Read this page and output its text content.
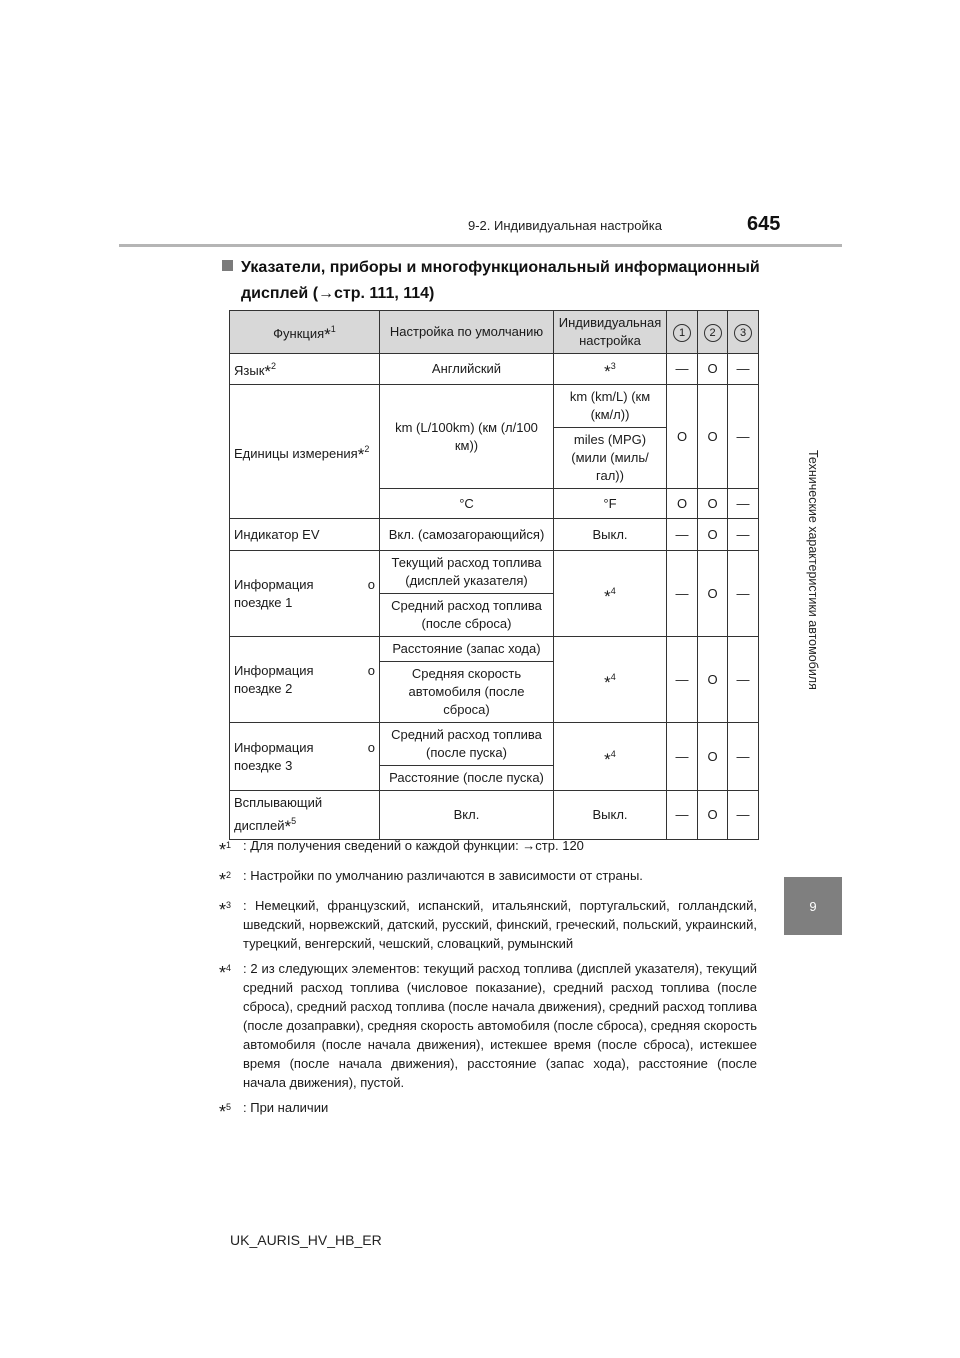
9-2. Индивидуальная настройка	645
Технические характеристики автомобиля
9
Указатели, приборы и многофункциональный информационный
дисплей (→стр. 111, 114)
Функция*$^1$	Настройка по умолчанию	Индивидуальная настройка	1	2	3
Язык*$^2$	Английский	*$^3$	—	O	—
Единицы измерения*$^2$	km (L/100km) (км (л/100 км))	km (km/L) (км (км/л))	O	O	—
		miles (MPG) (мили (миль/ гал))			
	°C	°F	O	O	—
Индикатор EV	Вкл. (самозагорающийся)	Выкл.	—	O	—

Информация о
поездке 1	Текущий расход топлива (дисплей указателя)	*$^4$	—	O	—
	Средний расход топлива (после сброса)				

Информация о
поездке 2	Расстояние (запас хода)	*$^4$	—	O	—
	Средняя скорость автомобиля (после сброса)				

Информация о
поездке 3	Средний расход топлива (после пуска)	*$^4$	—	O	—
	Расстояние (после пуска)				
Всплывающий дисплей*$^5$	Вкл.	Выкл.	—	O	—
*$^1$ : Для получения сведений о каждой функции: →стр. 120
*$^2$ : Настройки по умолчанию различаются в зависимости от страны.
*$^3$ : Немецкий, французский, испанский, итальянский, португальский, голландский, шведский, норвежский, датский, русский, финский, греческий, польский, украинский, турецкий, венгерский, чешский, словацкий, румынский
*$^4$ : 2 из следующих элементов: текущий расход топлива (дисплей указателя), текущий средний расход топлива (числовое показание), средний расход топлива (после сброса), средний расход топлива (после начала движения), средний расход топлива (после дозаправки), средняя скорость автомобиля (после сброса), средняя скорость автомобиля (после начала движения), истекшее время (после сброса), истекшее время (после начала движения), расстояние (запас хода), расстояние (после начала движения), пустой.
*$^5$ : При наличии
UK_AURIS_HV_HB_ER
